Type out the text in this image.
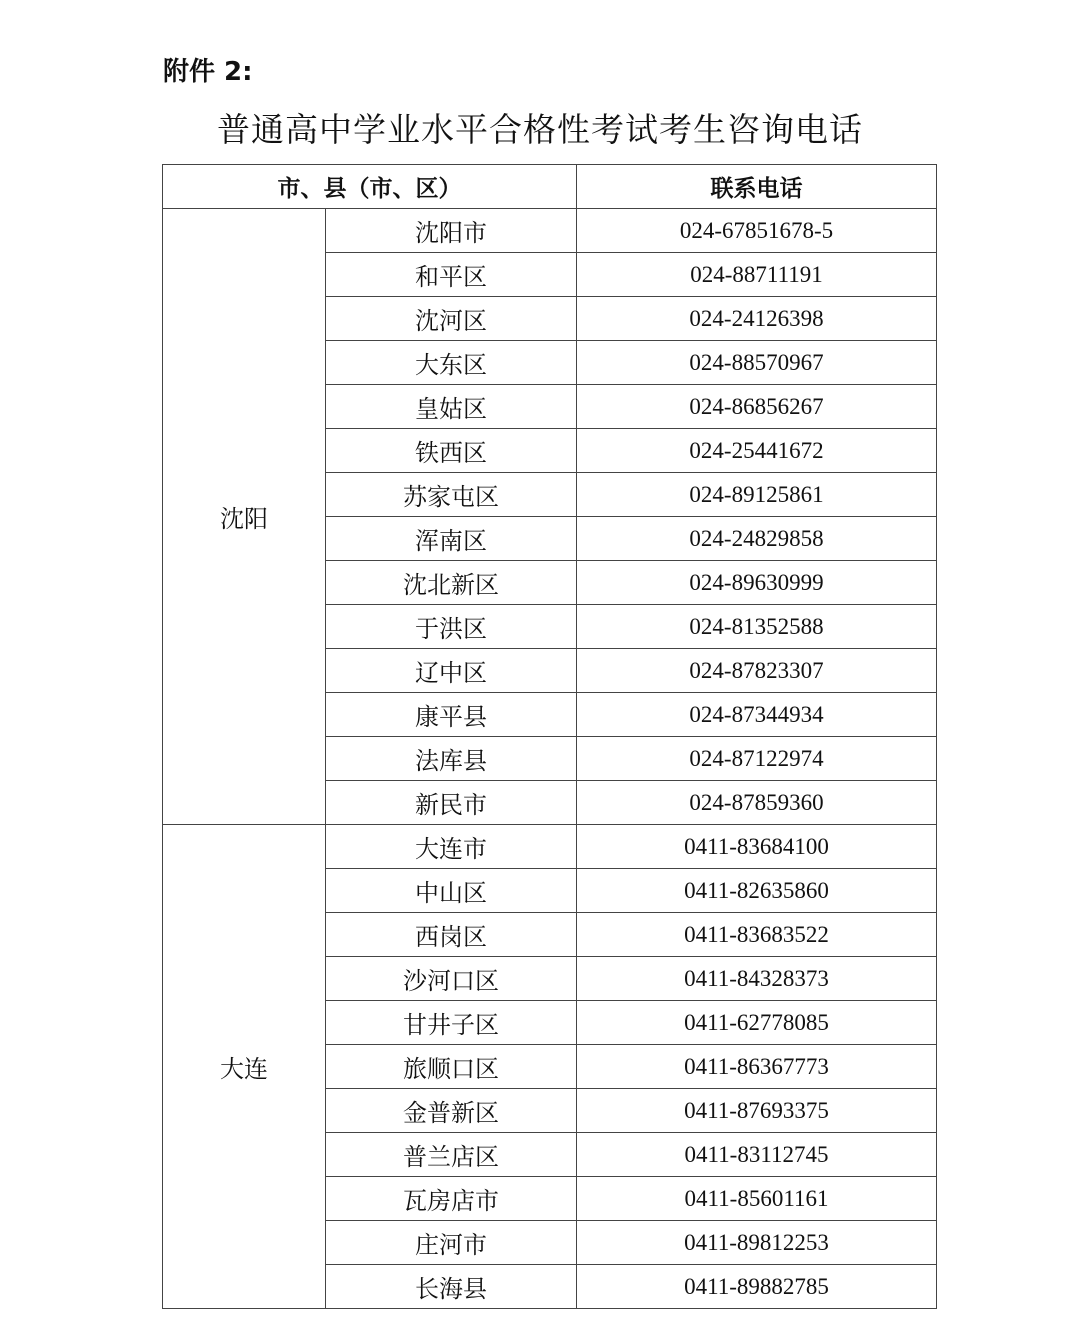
附件 2:
普通高中学业水平合格性考试考生咨询电话
市、县（市、区）		联系电话
沈阳	沈阳市	024-67851678-5
	和平区	024-88711191
	沈河区	024-24126398
	大东区	024-88570967
	皇姑区	024-86856267
	铁西区	024-25441672
	苏家屯区	024-89125861
	浑南区	024-24829858
	沈北新区	024-89630999
	于洪区	024-81352588
	辽中区	024-87823307
	康平县	024-87344934
	法库县	024-87122974
	新民市	024-87859360
大连	大连市	0411-83684100
	中山区	0411-82635860
	西岗区	0411-83683522
	沙河口区	0411-84328373
	甘井子区	0411-62778085
	旅顺口区	0411-86367773
	金普新区	0411-87693375
	普兰店区	0411-83112745
	瓦房店市	0411-85601161
	庄河市	0411-89812253
	长海县	0411-89882785
